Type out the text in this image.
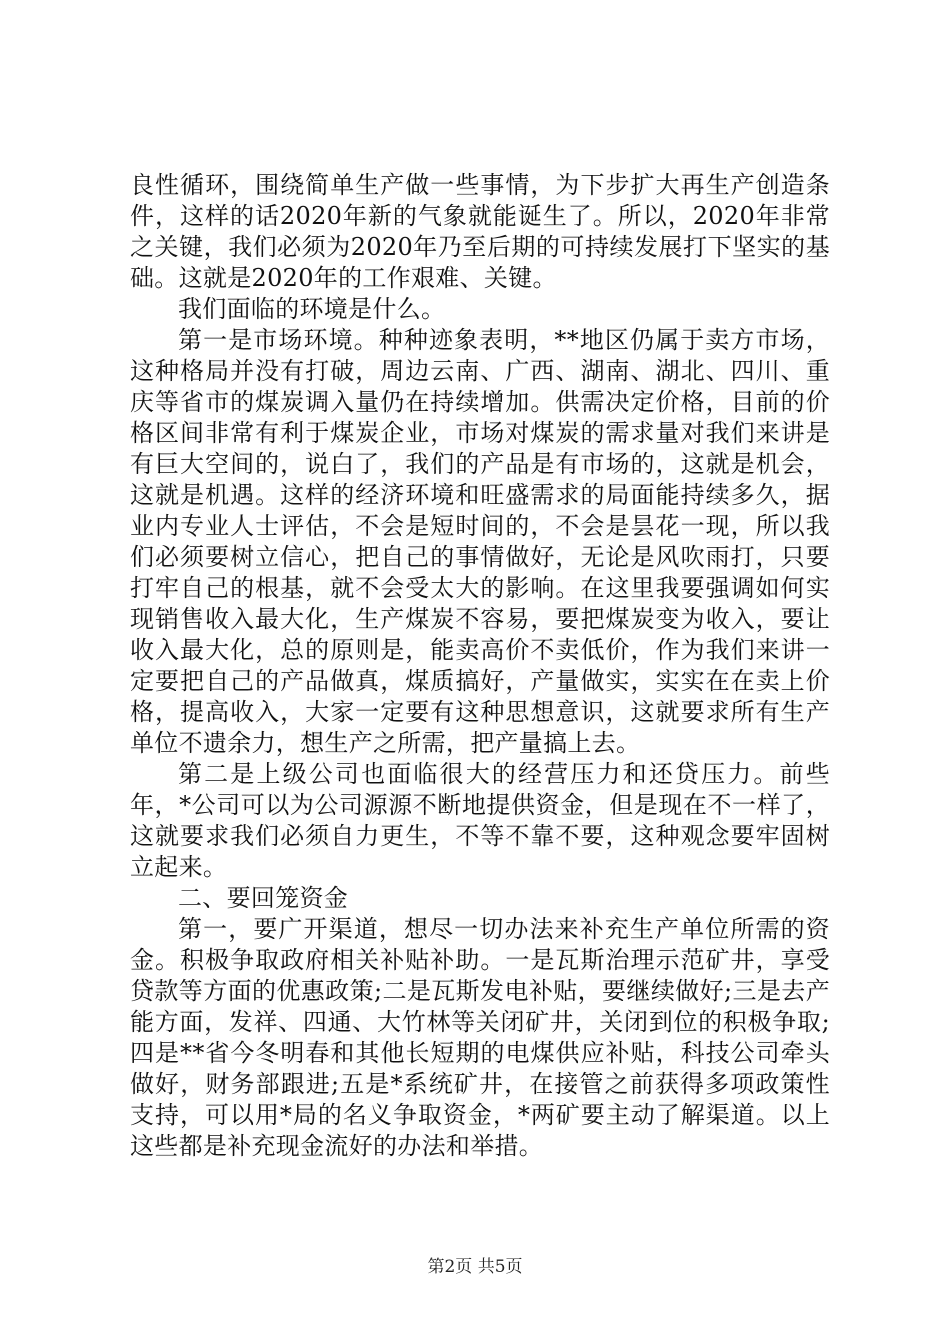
良性循环，围绕简单生产做一些事情，为下步扩大再生产创造条件，这样的话2020年新的气象就能诞生了。所以，2020年非常之关键，我们必须为2020年乃至后期的可持续发展打下坚实的基础。这就是2020年的工作艰难、关键。

我们面临的环境是什么。

第一是市场环境。种种迹象表明，**地区仍属于卖方市场，这种格局并没有打破，周边云南、广西、湖南、湖北、四川、重庆等省市的煤炭调入量仍在持续增加。供需决定价格，目前的价格区间非常有利于煤炭企业，市场对煤炭的需求量对我们来讲是有巨大空间的，说白了，我们的产品是有市场的，这就是机会，这就是机遇。这样的经济环境和旺盛需求的局面能持续多久，据业内专业人士评估，不会是短时间的，不会是昙花一现，所以我们必须要树立信心，把自己的事情做好，无论是风吹雨打，只要打牢自己的根基，就不会受太大的影响。在这里我要强调如何实现销售收入最大化，生产煤炭不容易，要把煤炭变为收入，要让收入最大化，总的原则是，能卖高价不卖低价，作为我们来讲一定要把自己的产品做真，煤质搞好，产量做实，实实在在卖上价格，提高收入，大家一定要有这种思想意识，这就要求所有生产单位不遗余力，想生产之所需，把产量搞上去。

第二是上级公司也面临很大的经营压力和还贷压力。前些年，*公司可以为公司源源不断地提供资金，但是现在不一样了，这就要求我们必须自力更生，不等不靠不要，这种观念要牢固树立起来。

二、要回笼资金

第一，要广开渠道，想尽一切办法来补充生产单位所需的资金。积极争取政府相关补贴补助。一是瓦斯治理示范矿井，享受贷款等方面的优惠政策;二是瓦斯发电补贴，要继续做好;三是去产能方面，发祥、四通、大竹林等关闭矿井，关闭到位的积极争取;四是**省今冬明春和其他长短期的电煤供应补贴，科技公司牵头做好，财务部跟进;五是*系统矿井，在接管之前获得多项政策性支持，可以用*局的名义争取资金，*两矿要主动了解渠道。以上这些都是补充现金流好的办法和举措。

第2页 共5页
